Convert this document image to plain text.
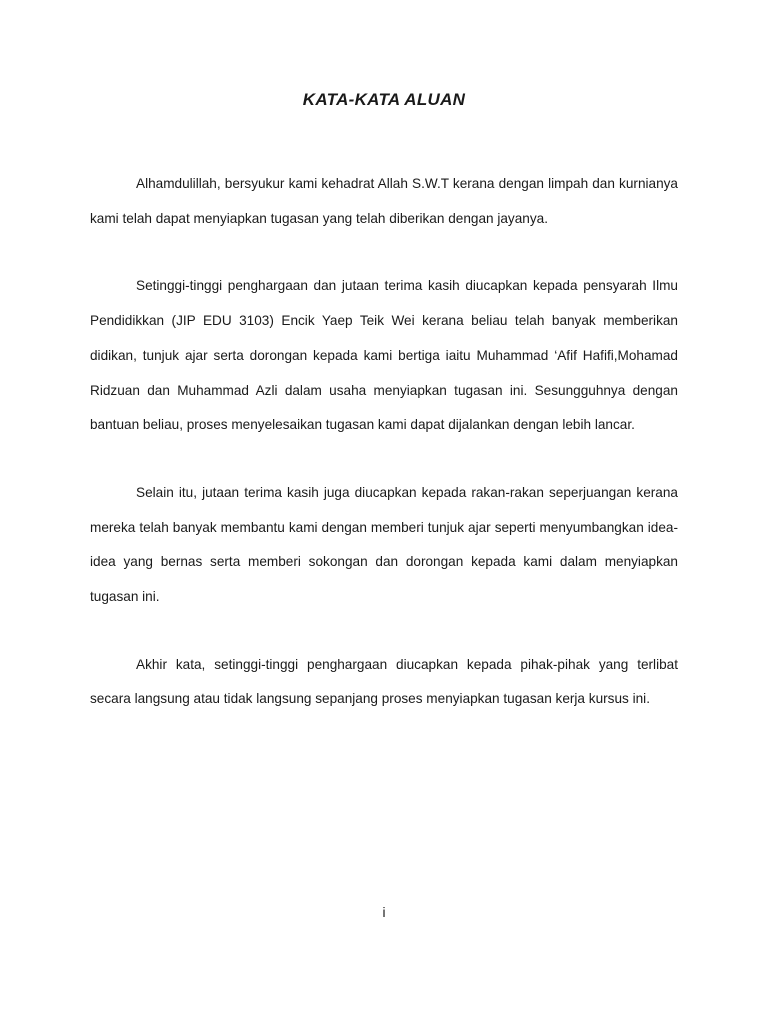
KATA-KATA ALUAN

Alhamdulillah, bersyukur kami kehadrat Allah S.W.T kerana dengan limpah dan kurnianya kami telah dapat menyiapkan tugasan yang telah diberikan dengan jayanya.

Setinggi-tinggi penghargaan dan jutaan terima kasih diucapkan kepada pensyarah Ilmu Pendidikkan (JIP EDU 3103) Encik Yaep Teik Wei kerana beliau telah banyak memberikan didikan, tunjuk ajar serta dorongan kepada kami bertiga iaitu Muhammad ‘Afif Hafifi,Mohamad Ridzuan dan Muhammad Azli dalam usaha menyiapkan tugasan ini. Sesungguhnya dengan bantuan beliau, proses menyelesaikan tugasan kami dapat dijalankan dengan lebih lancar.

Selain itu, jutaan terima kasih juga diucapkan kepada rakan-rakan seperjuangan kerana mereka telah banyak membantu kami dengan memberi tunjuk ajar seperti menyumbangkan idea-idea yang bernas serta memberi sokongan dan dorongan kepada kami dalam menyiapkan tugasan ini.

Akhir kata, setinggi-tinggi penghargaan diucapkan kepada pihak-pihak yang terlibat secara langsung atau tidak langsung sepanjang proses menyiapkan tugasan kerja kursus ini.

i
